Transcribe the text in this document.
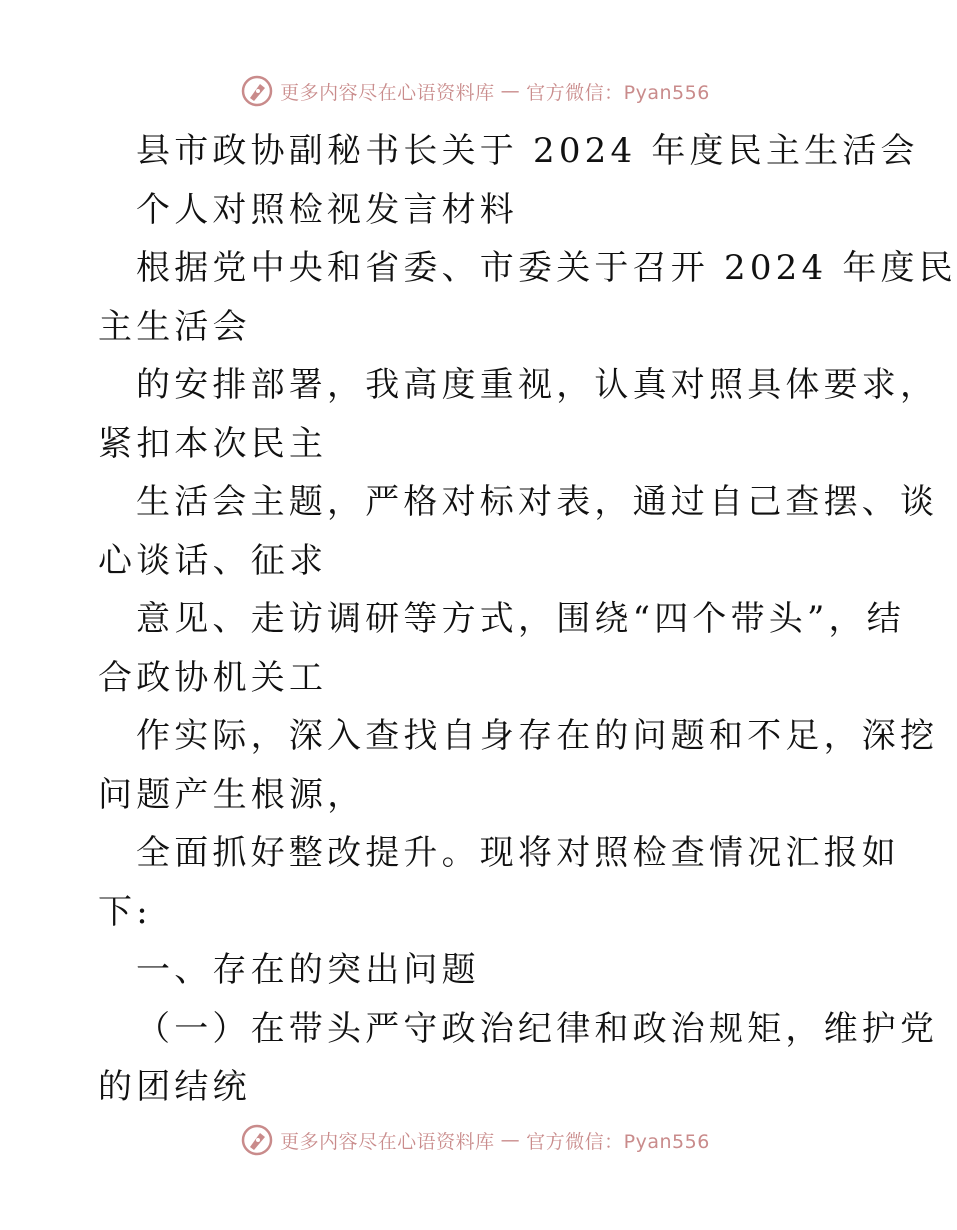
更多内容尽在心语资料库 — 官方微信：Pyan556
县市政协副秘书长关于 2024 年度民主生活会
个人对照检视发言材料
根据党中央和省委、市委关于召开 2024 年度民
主生活会
的安排部署，我高度重视，认真对照具体要求，
紧扣本次民主
生活会主题，严格对标对表，通过自己查摆、谈
心谈话、征求
意见、走访调研等方式，围绕“四个带头”，结
合政协机关工
作实际，深入查找自身存在的问题和不足，深挖
问题产生根源，
全面抓好整改提升。现将对照检查情况汇报如
下:
一、存在的突出问题
（一）在带头严守政治纪律和政治规矩，维护党
的团结统
更多内容尽在心语资料库 — 官方微信：Pyan556
